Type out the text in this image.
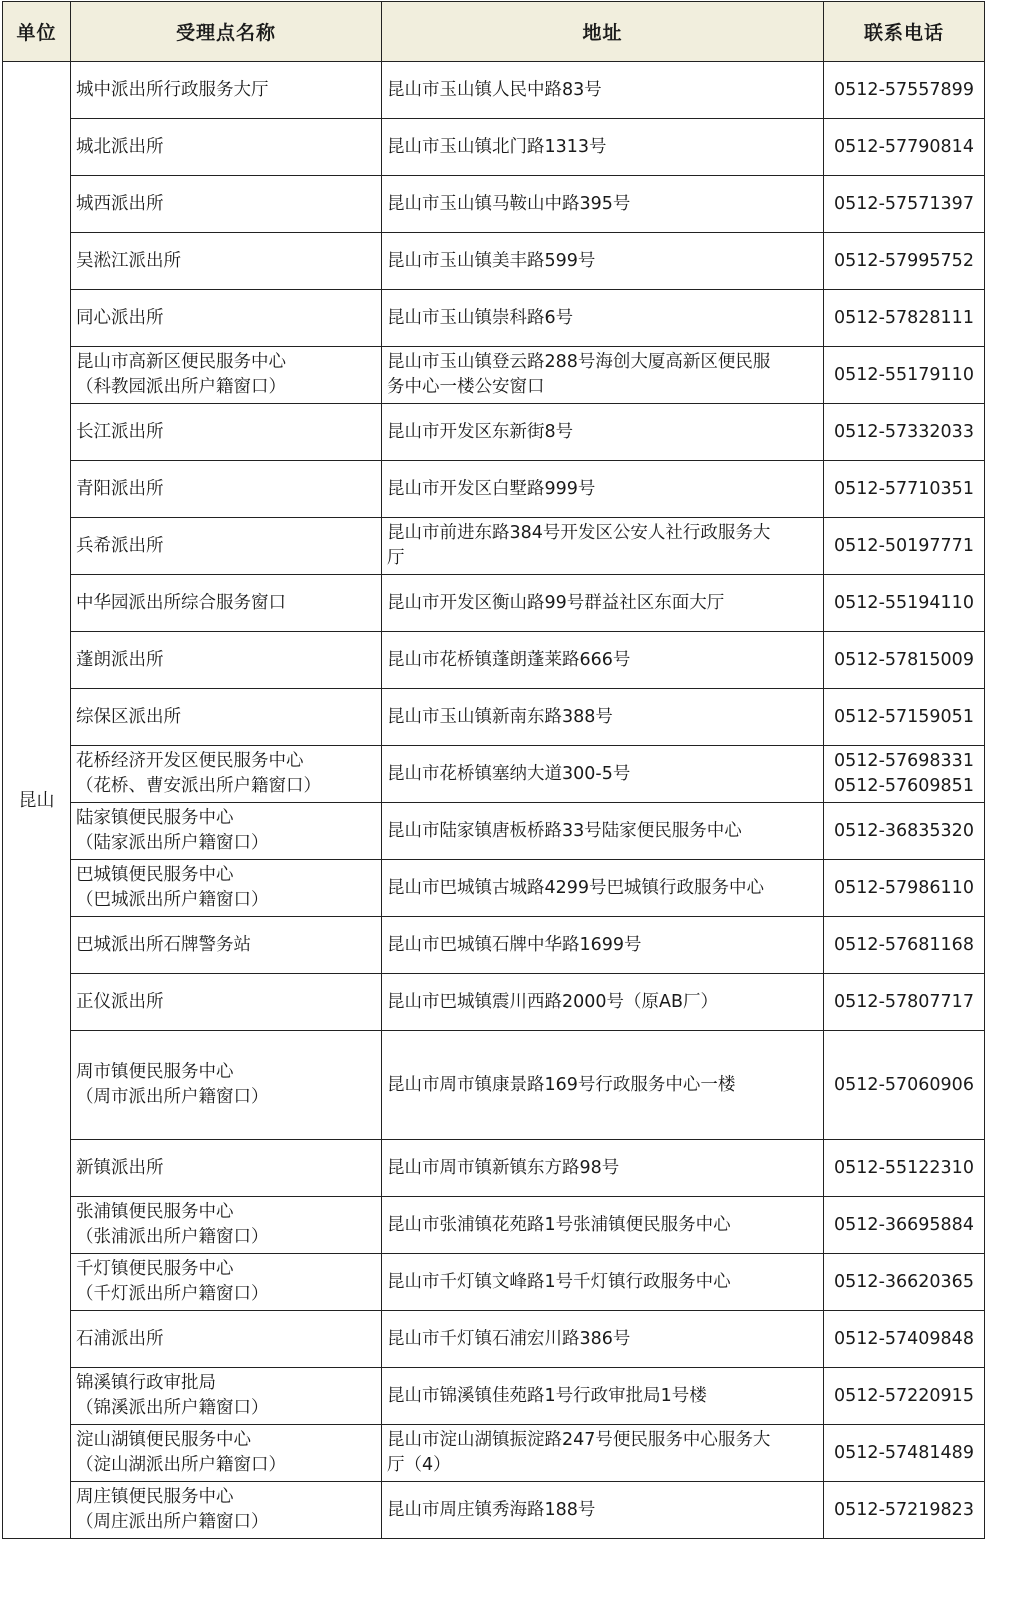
单位	受理点名称	地址	联系电话
昆山	城中派出所行政服务大厅	昆山市玉山镇人民中路83号	0512-57557899

	城北派出所	昆山市玉山镇北门路1313号	0512-57790814

	城西派出所	昆山市玉山镇马鞍山中路395号	0512-57571397

	吴淞江派出所	昆山市玉山镇美丰路599号	0512-57995752

	同心派出所	昆山市玉山镇崇科路6号	0512-57828111

	昆山市高新区便民服务中心
（科教园派出所户籍窗口）	昆山市玉山镇登云路288号海创大厦高新区便民服
务中心一楼公安窗口	0512-55179110

	长江派出所	昆山市开发区东新街8号	0512-57332033

	青阳派出所	昆山市开发区白墅路999号	0512-57710351

	兵希派出所	昆山市前进东路384号开发区公安人社行政服务大
厅	0512-50197771

	中华园派出所综合服务窗口	昆山市开发区衡山路99号群益社区东面大厅	0512-55194110

	蓬朗派出所	昆山市花桥镇蓬朗蓬莱路666号	0512-57815009

	综保区派出所	昆山市玉山镇新南东路388号	0512-57159051

	花桥经济开发区便民服务中心
（花桥、曹安派出所户籍窗口）	昆山市花桥镇塞纳大道300-5号	0512-57698331
0512-57609851

	陆家镇便民服务中心
（陆家派出所户籍窗口）	昆山市陆家镇唐板桥路33号陆家便民服务中心	0512-36835320

	巴城镇便民服务中心
（巴城派出所户籍窗口）	昆山市巴城镇古城路4299号巴城镇行政服务中心	0512-57986110

	巴城派出所石牌警务站	昆山市巴城镇石牌中华路1699号	0512-57681168

	正仪派出所	昆山市巴城镇震川西路2000号（原AB厂）	0512-57807717

	周市镇便民服务中心
（周市派出所户籍窗口）	昆山市周市镇康景路169号行政服务中心一楼	0512-57060906

	新镇派出所	昆山市周市镇新镇东方路98号	0512-55122310

	张浦镇便民服务中心
（张浦派出所户籍窗口）	昆山市张浦镇花苑路1号张浦镇便民服务中心	0512-36695884

	千灯镇便民服务中心
（千灯派出所户籍窗口）	昆山市千灯镇文峰路1号千灯镇行政服务中心	0512-36620365

	石浦派出所	昆山市千灯镇石浦宏川路386号	0512-57409848

	锦溪镇行政审批局
（锦溪派出所户籍窗口）	昆山市锦溪镇佳苑路1号行政审批局1号楼	0512-57220915

	淀山湖镇便民服务中心
（淀山湖派出所户籍窗口）	昆山市淀山湖镇振淀路247号便民服务中心服务大
厅（4）	0512-57481489

	周庄镇便民服务中心
（周庄派出所户籍窗口）	昆山市周庄镇秀海路188号	0512-57219823
